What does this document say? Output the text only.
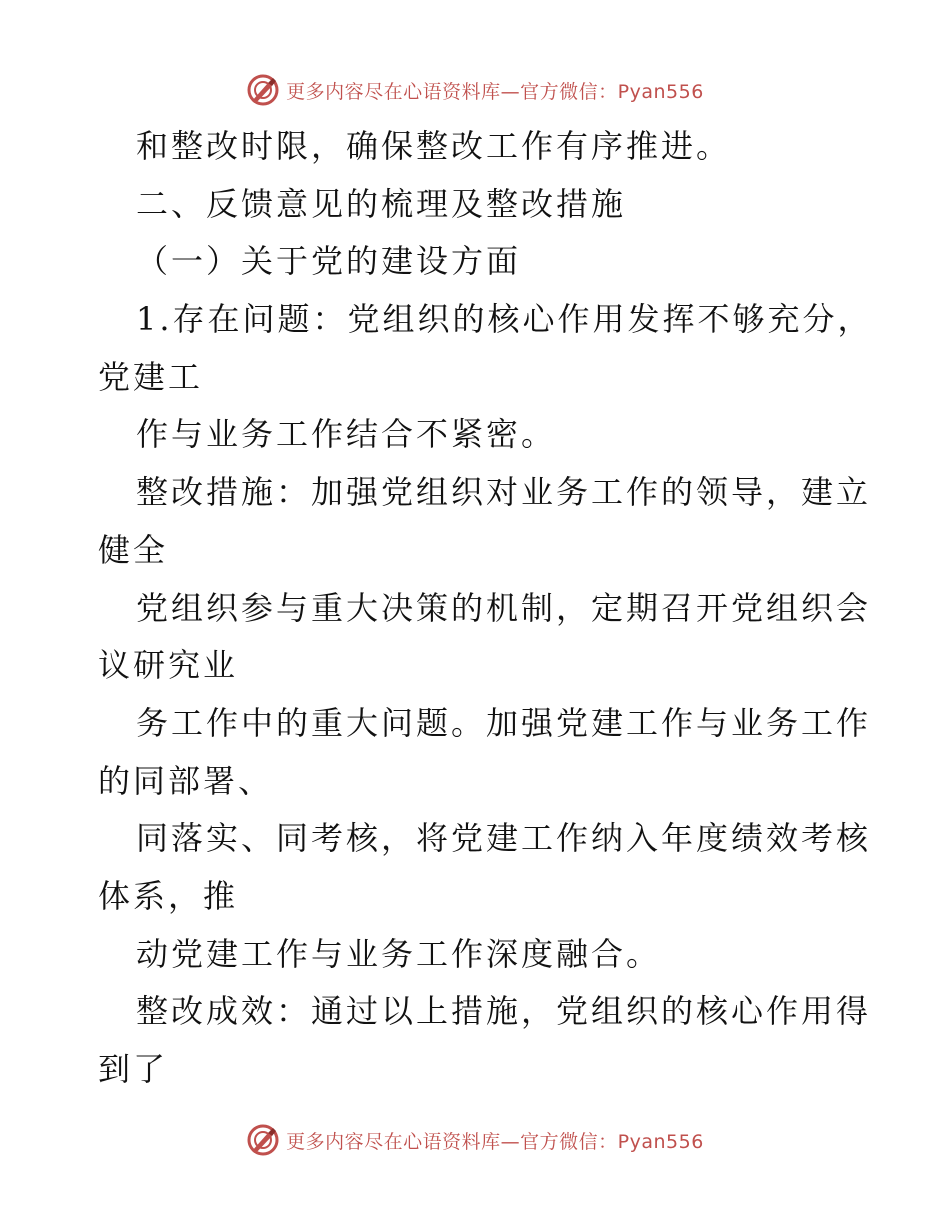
更多内容尽在心语资料库—官方微信：Pyan556
和整改时限，确保整改工作有序推进。
二、反馈意见的梳理及整改措施
（一）关于党的建设方面
1.存在问题：党组织的核心作用发挥不够充分，
党建工
作与业务工作结合不紧密。
整改措施：加强党组织对业务工作的领导，建立
健全
党组织参与重大决策的机制，定期召开党组织会
议研究业
务工作中的重大问题。加强党建工作与业务工作
的同部署、
同落实、同考核，将党建工作纳入年度绩效考核
体系，推
动党建工作与业务工作深度融合。
整改成效：通过以上措施，党组织的核心作用得
到了
更多内容尽在心语资料库—官方微信：Pyan556
